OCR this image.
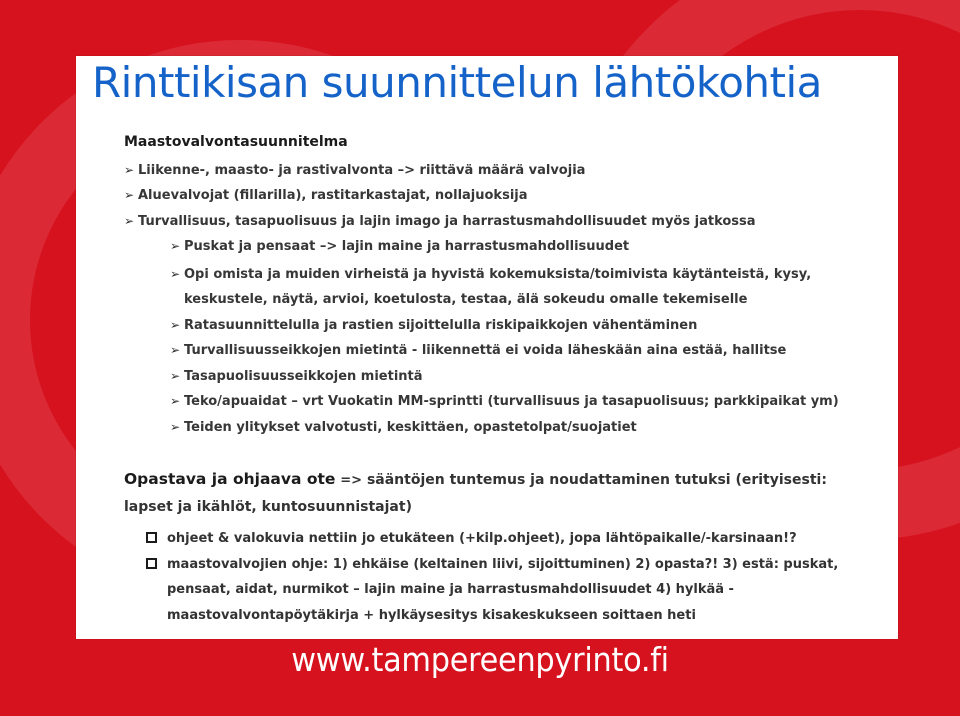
Rinttikisan suunnittelun lähtökohtia
Maastovalvontasuunnitelma
➢ Liikenne-, maasto- ja rastivalvonta –> riittävä määrä valvojia
➢ Aluevalvojat (fillarilla), rastitarkastajat, nollajuoksija
➢ Turvallisuus, tasapuolisuus ja lajin imago ja harrastusmahdollisuudet myös jatkossa
➢ Puskat ja pensaat –> lajin maine ja harrastusmahdollisuudet
➢ Opi omista ja muiden virheistä ja hyvistä kokemuksista/toimivista käytänteistä, kysy, keskustele, näytä, arvioi, koetulosta, testaa, älä sokeudu omalle tekemiselle
➢ Ratasuunnittelulla ja rastien sijoittelulla riskipaikkojen vähentäminen
➢ Turvallisuusseikkojen mietintä - liikennettä ei voida läheskään aina estää, hallitse
➢ Tasapuolisuusseikkojen mietintä
➢ Teko/apuaidat – vrt Vuokatin MM-sprintti (turvallisuus ja tasapuolisuus; parkkipaikat ym)
➢ Teiden ylitykset valvotusti, keskittäen, opastetolpat/suojatiet
Opastava ja ohjaava ote => sääntöjen tuntemus ja noudattaminen tutuksi (erityisesti: lapset ja ikählöt, kuntosuunnistajat)
ohjeet & valokuvia nettiin jo etukäteen (+kilp.ohjeet), jopa lähtöpaikalle/-karsinaan!?
maastovalvojien ohje: 1) ehkäise (keltainen liivi, sijoittuminen) 2) opasta?! 3) estä: puskat, pensaat, aidat, nurmikot – lajin maine ja harrastusmahdollisuudet 4) hylkää - maastovalvontapöytäkirja + hylkäysesitys kisakeskukseen soittaen heti
www.tampereenpyrinto.fi
